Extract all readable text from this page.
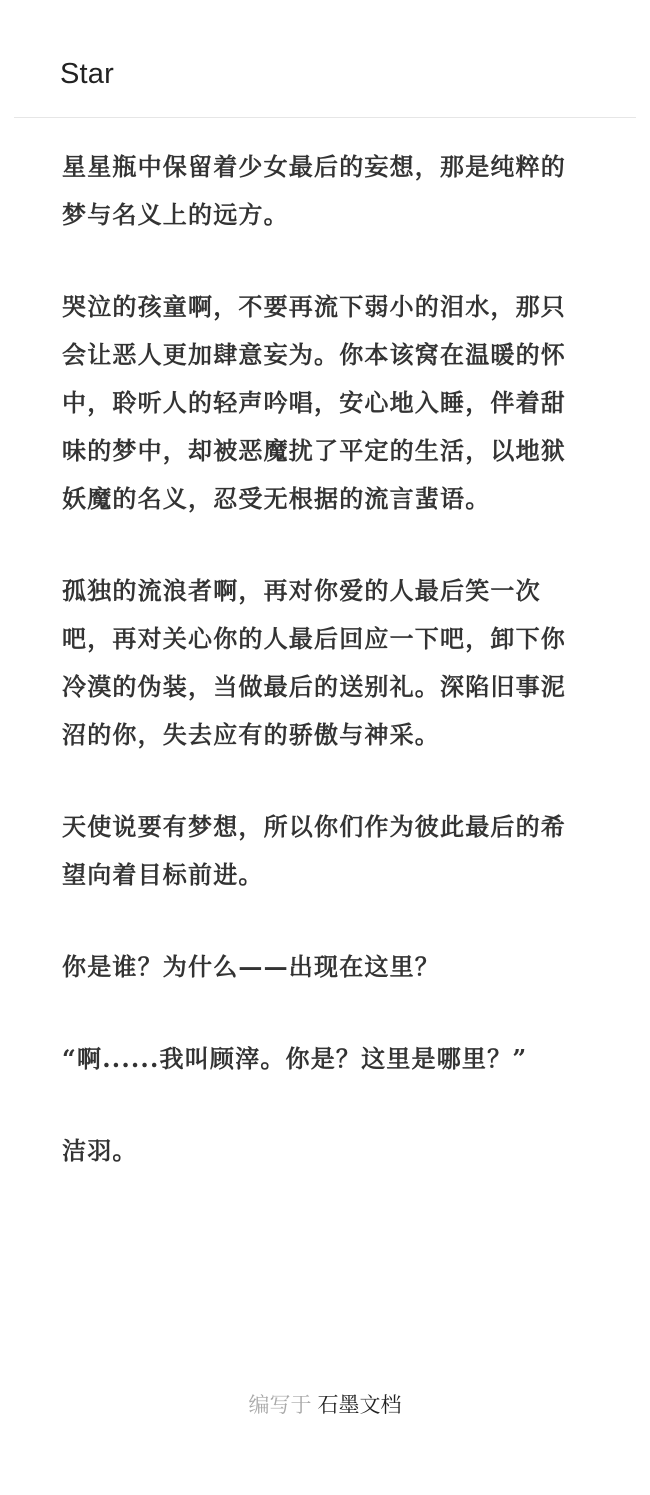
Star

星星瓶中保留着少女最后的妄想，那是纯粹的梦与名义上的远方。

哭泣的孩童啊，不要再流下弱小的泪水，那只会让恶人更加肆意妄为。你本该窝在温暖的怀中，聆听人的轻声吟唱，安心地入睡，伴着甜味的梦中，却被恶魔扰了平定的生活，以地狱妖魔的名义，忍受无根据的流言蜚语。

孤独的流浪者啊，再对你爱的人最后笑一次吧，再对关心你的人最后回应一下吧，卸下你冷漠的伪装，当做最后的送别礼。深陷旧事泥沼的你，失去应有的骄傲与神采。

天使说要有梦想，所以你们作为彼此最后的希望向着目标前进。

你是谁？为什么——出现在这里？

“啊......我叫顾滓。你是？这里是哪里？”

洁羽。

编写于 石墨文档
